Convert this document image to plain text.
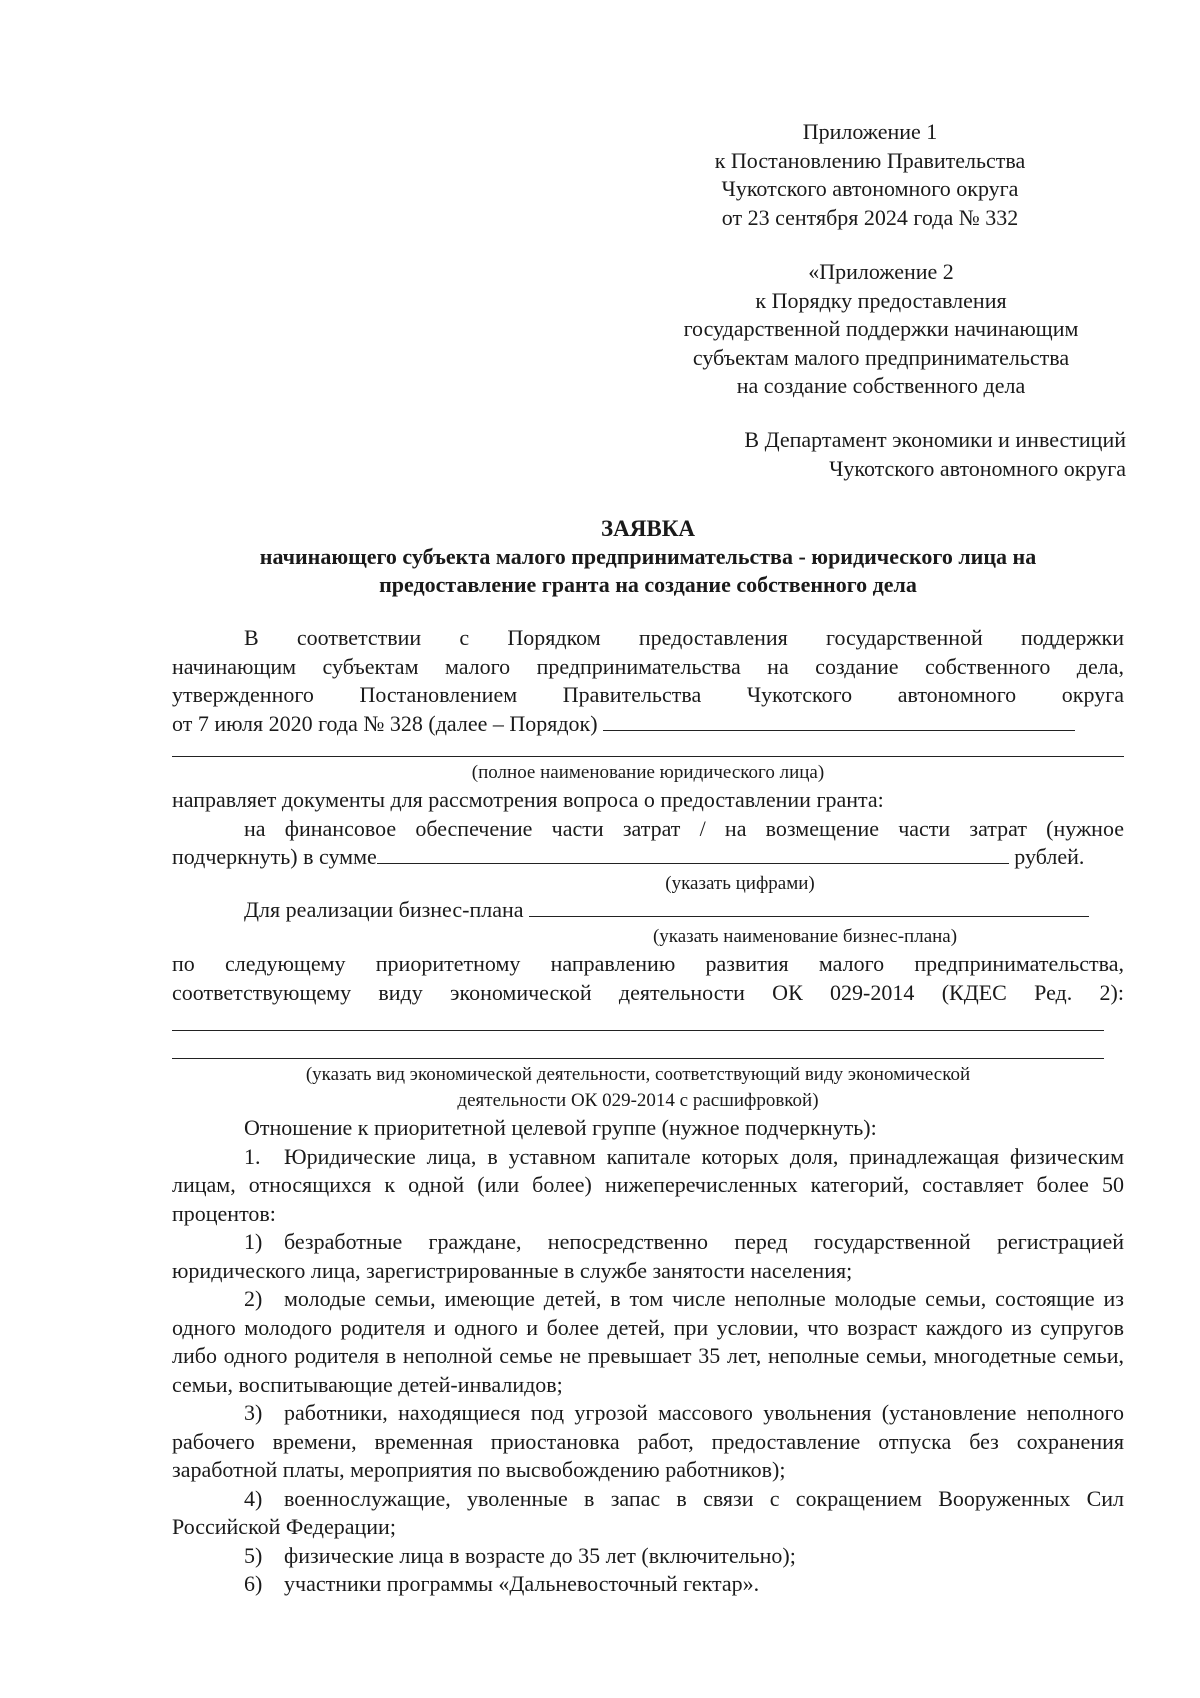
Приложение 1
к Постановлению Правительства
Чукотского автономного округа
от 23 сентября 2024 года № 332
«Приложение 2
к Порядку предоставления
государственной поддержки начинающим
субъектам малого предпринимательства
на создание собственного дела
В Департамент экономики и инвестиций
Чукотского автономного округа
ЗАЯВКА
начинающего субъекта малого предпринимательства - юридического лица на
предоставление гранта на создание собственного дела
В соответствии с Порядком предоставления государственной поддержки
начинающим субъектам малого предпринимательства на создание собственного дела,
утвержденного Постановлением Правительства Чукотского автономного округа
от 7 июля 2020 года № 328 (далее – Порядок)
(полное наименование юридического лица)
направляет документы для рассмотрения вопроса о предоставлении гранта:
на финансовое обеспечение части затрат / на возмещение части затрат (нужное
подчеркнуть) в сумме	рублей.
(указать цифрами)
Для реализации бизнес-плана
(указать наименование бизнес-плана)
по следующему приоритетному направлению развития малого предпринимательства,
соответствующему виду экономической деятельности ОК 029-2014 (КДЕС Ред. 2):
(указать вид экономической деятельности, соответствующий виду экономической
деятельности ОК 029-2014 с расшифровкой)
Отношение к приоритетной целевой группе (нужное подчеркнуть):
1. Юридические лица, в уставном капитале которых доля, принадлежащая физическим лицам, относящихся к одной (или более) нижеперечисленных категорий, составляет более 50 процентов:
1) безработные граждане, непосредственно перед государственной регистрацией юридического лица, зарегистрированные в службе занятости населения;
2) молодые семьи, имеющие детей, в том числе неполные молодые семьи, состоящие из одного молодого родителя и одного и более детей, при условии, что возраст каждого из супругов либо одного родителя в неполной семье не превышает 35 лет, неполные семьи, многодетные семьи, семьи, воспитывающие детей-инвалидов;
3) работники, находящиеся под угрозой массового увольнения (установление неполного рабочего времени, временная приостановка работ, предоставление отпуска без сохранения заработной платы, мероприятия по высвобождению работников);
4) военнослужащие, уволенные в запас в связи с сокращением Вооруженных Сил Российской Федерации;
5) физические лица в возрасте до 35 лет (включительно);
6) участники программы «Дальневосточный гектар».
